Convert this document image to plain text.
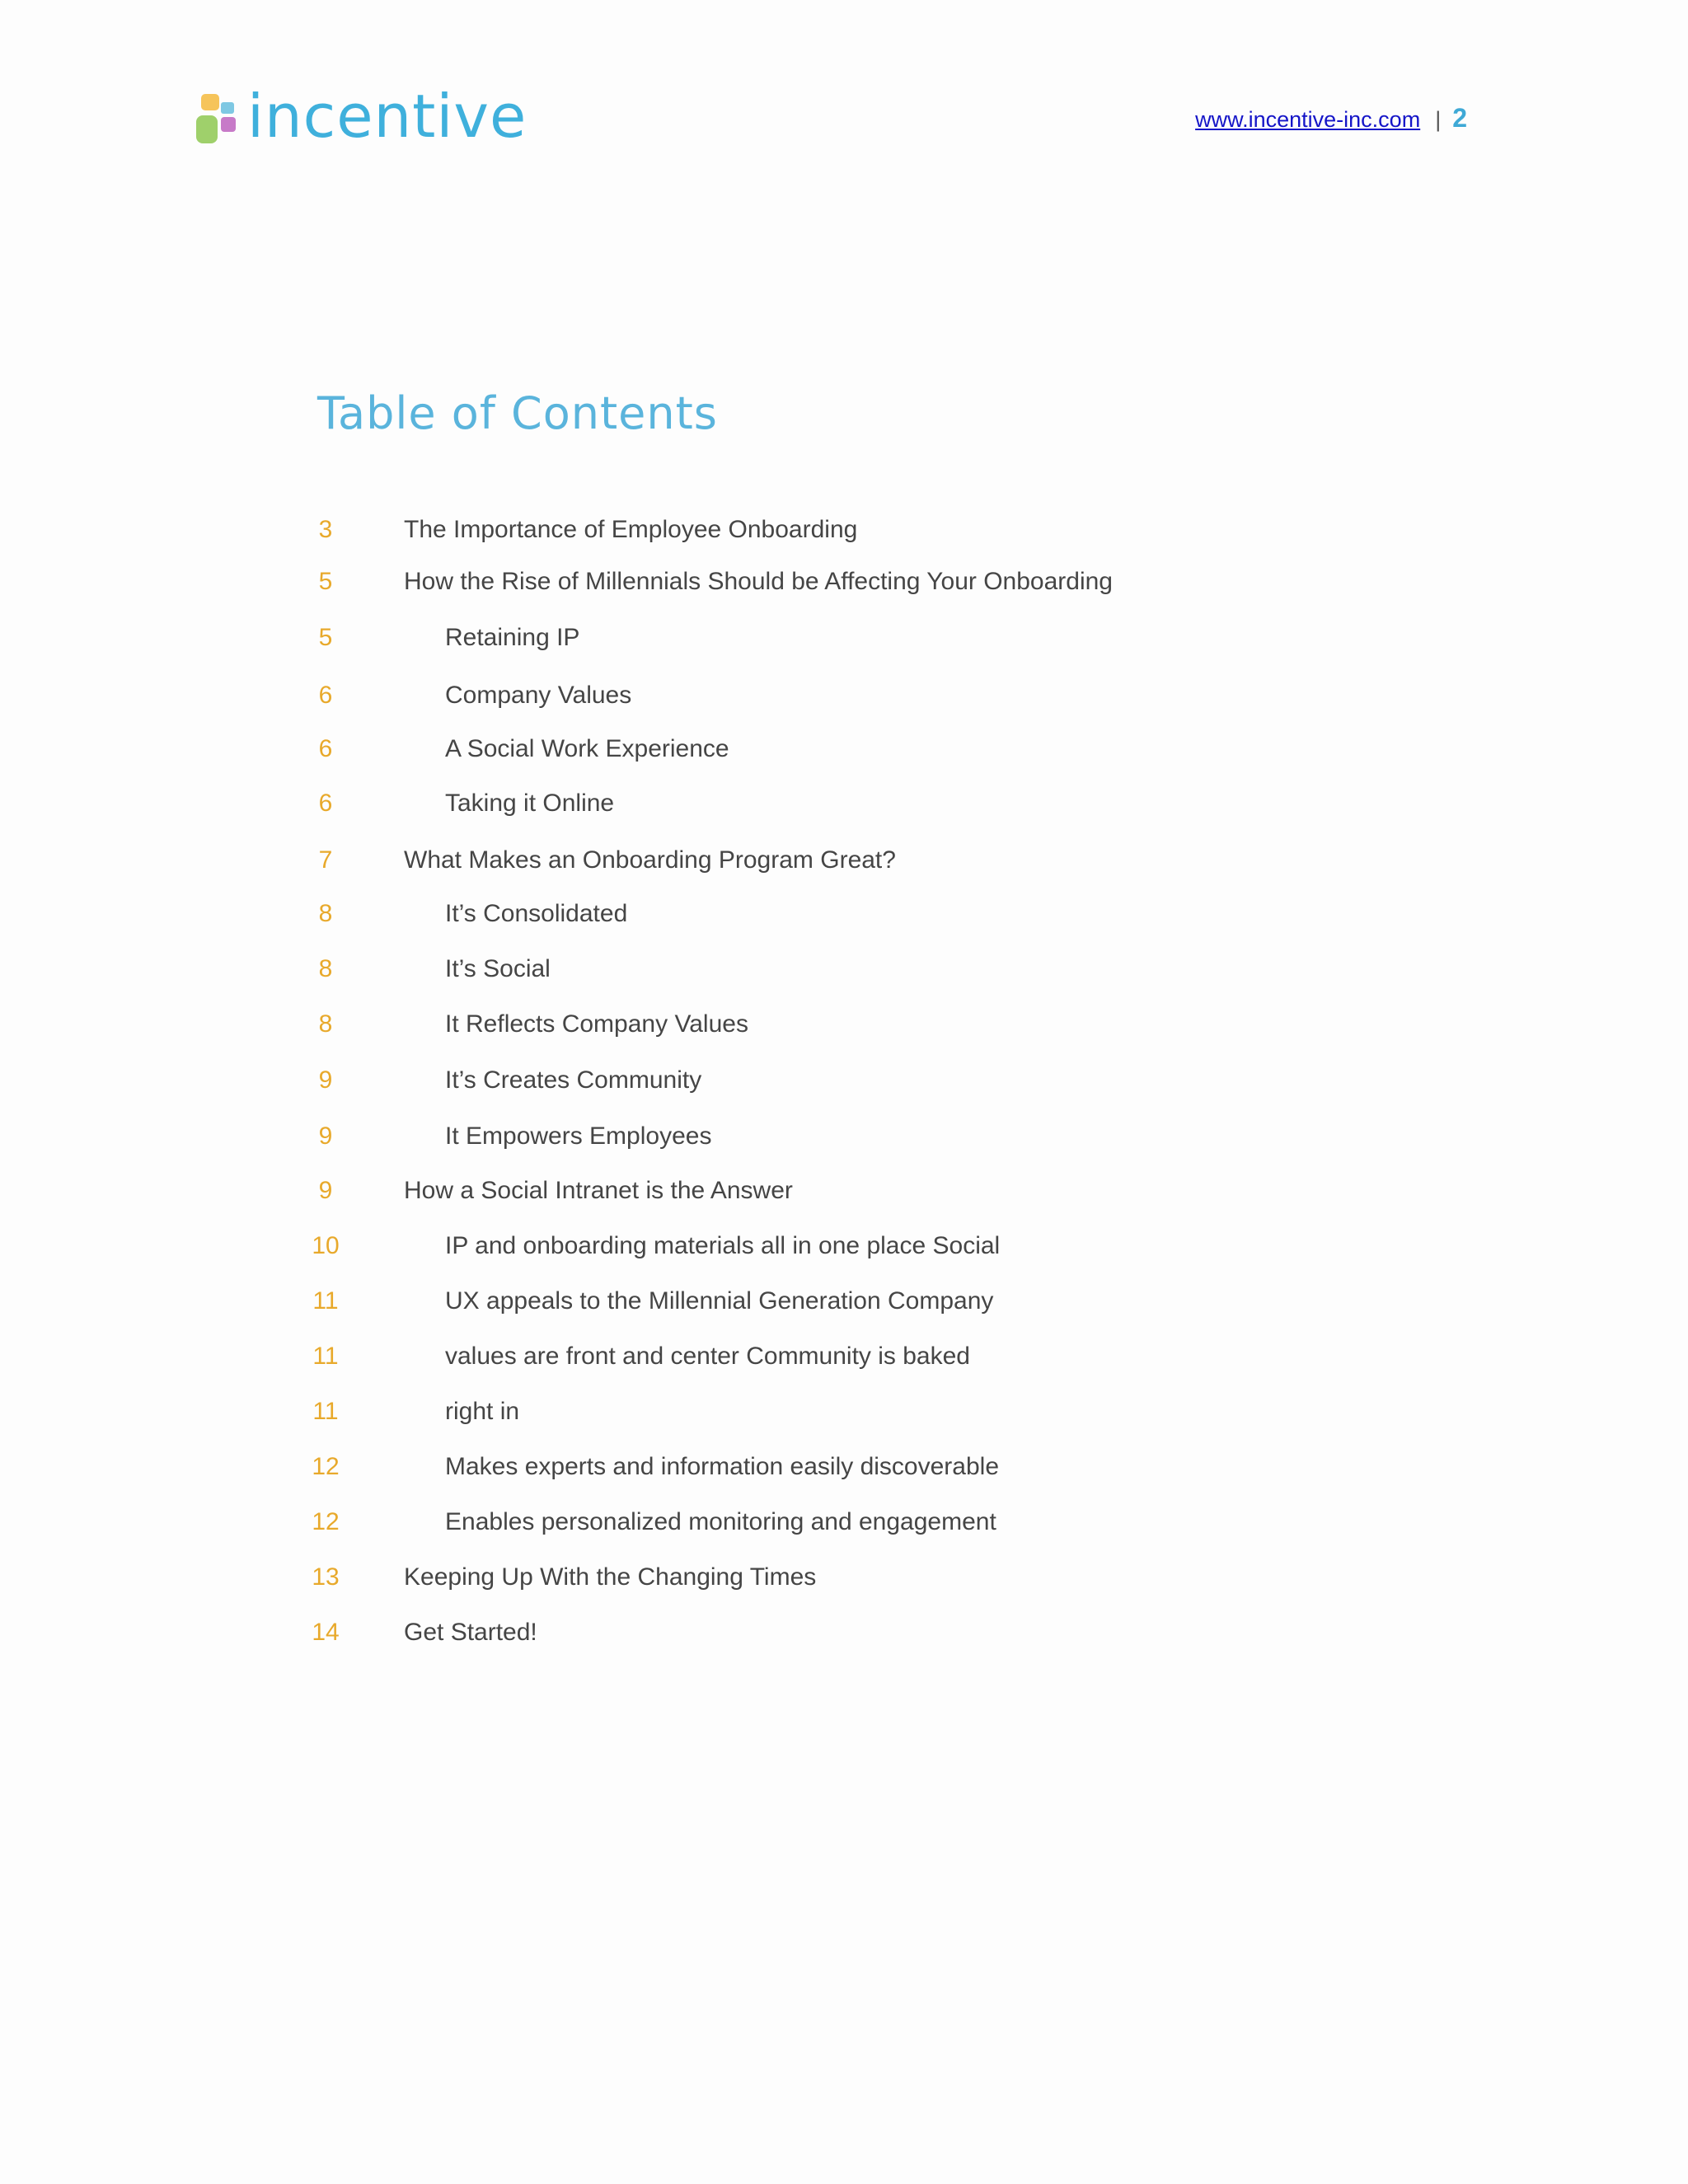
incentive	www.incentive-inc.com | 2
Table of Contents
3	The Importance of Employee Onboarding
5	How the Rise of Millennials Should be Affecting Your Onboarding
5	Retaining IP
6	Company Values
6	A Social Work Experience
6	Taking it Online
7	What Makes an Onboarding Program Great?
8	It’s Consolidated
8	It’s Social
8	It Reflects Company Values
9	It’s Creates Community
9	It Empowers Employees
9	How a Social Intranet is the Answer
10	IP and onboarding materials all in one place Social
11	UX appeals to the Millennial Generation Company
11	values are front and center Community is baked
11	right in
12	Makes experts and information easily discoverable
12	Enables personalized monitoring and engagement
13	Keeping Up With the Changing Times
14	Get Started!
